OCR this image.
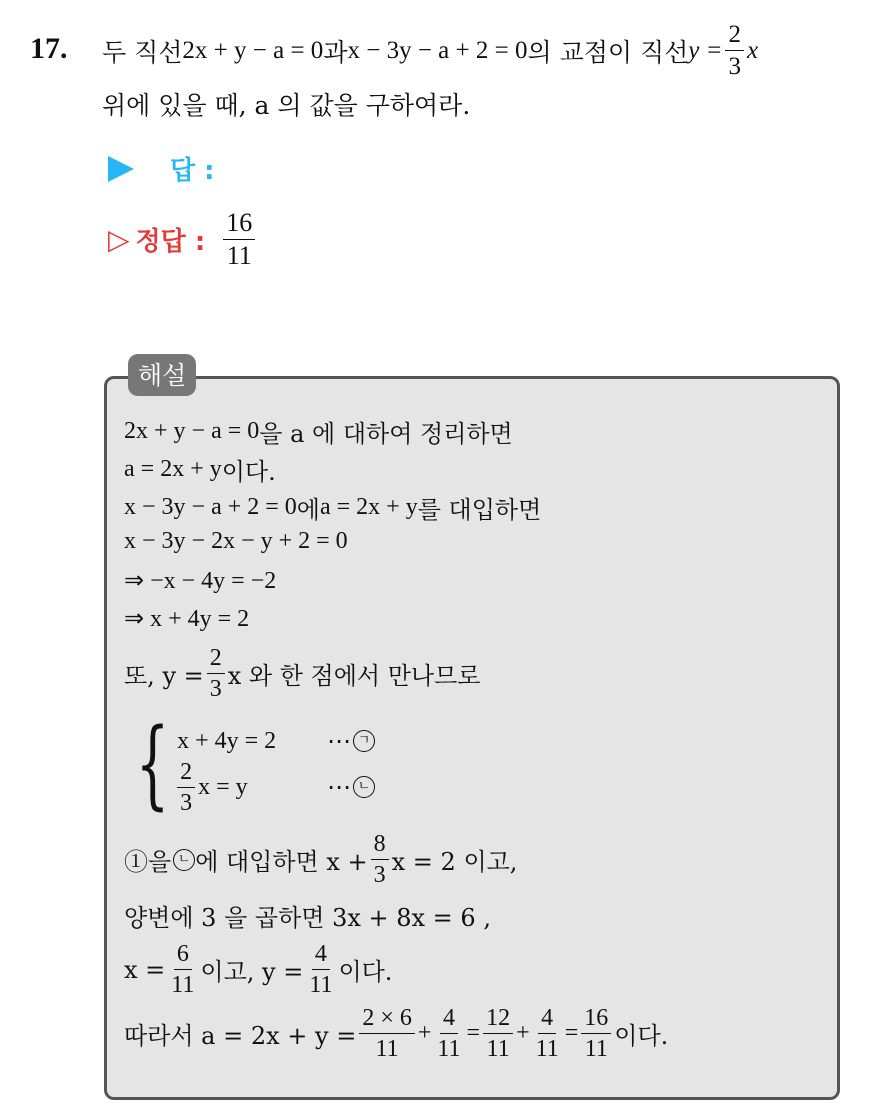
17. 두 직선 2x + y − a = 0 과 x − 3y − a + 2 = 0 의 교점이 직선 $y = \frac{2}{3}$ x
위에 있을 때, a 의 값을 구하여라.
답 :
▷ 정답 : $\frac{16}{11}$
해설
2x + y − a = 0 을 a 에 대하여 정리하면
a = 2x + y 이다.
x − 3y − a + 2 = 0 에 a = 2x + y 를 대입하면
x − 3y − 2x − y + 2 = 0
⇒ −x − 4y = −2
⇒ x + 4y = 2
또, $y = \frac{2}{3}$ x 와 한 점에서 만나므로
{ x + 4y = 2	⋯ ㄱ
$\frac{2}{3}$ x = y	⋯ ㄴ
①을 ㄴ 에 대입하면 $x + \frac{8}{3}$ x = 2 이고,
양변에 3 을 곱하면 3x + 8x = 6 ,
$x = \frac{6}{11}$ 이고, $y = \frac{4}{11}$ 이다.
따라서 $a = 2x + y = \frac{2 \times 6}{11} + \frac{4}{11} = \frac{12}{11} + \frac{4}{11} = \frac{16}{11}$ 이다.
